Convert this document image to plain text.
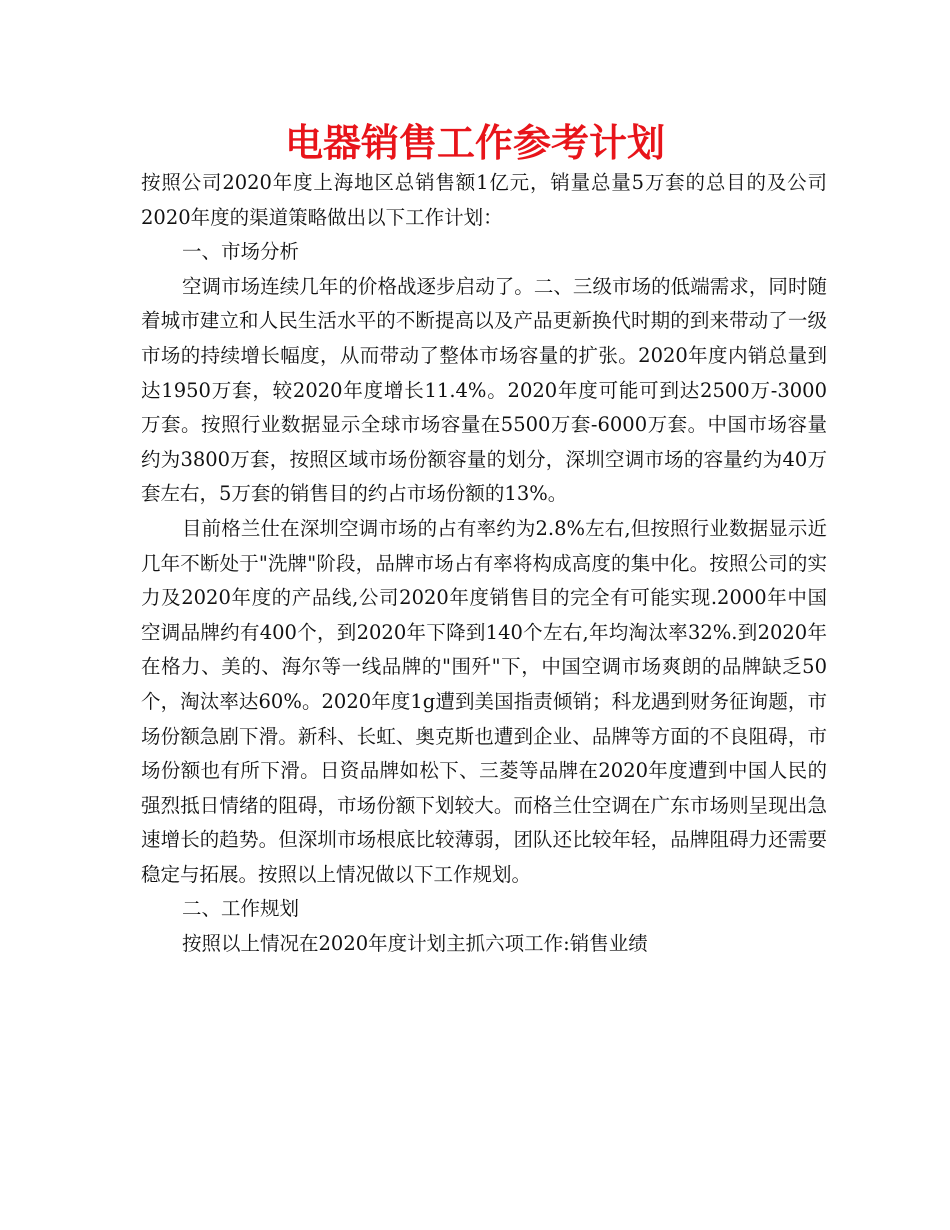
电器销售工作参考计划

按照公司2020年度上海地区总销售额1亿元，销量总量5万套的总目的及公司2020年度的渠道策略做出以下工作计划：

一、市场分析

空调市场连续几年的价格战逐步启动了。二、三级市场的低端需求，同时随着城市建立和人民生活水平的不断提高以及产品更新换代时期的到来带动了一级市场的持续增长幅度，从而带动了整体市场容量的扩张。2020年度内销总量到达1950万套，较2020年度增长11.4%。2020年度可能可到达2500万-3000万套。按照行业数据显示全球市场容量在5500万套-6000万套。中国市场容量约为3800万套，按照区域市场份额容量的划分，深圳空调市场的容量约为40万套左右，5万套的销售目的约占市场份额的13%。

目前格兰仕在深圳空调市场的占有率约为2.8%左右,但按照行业数据显示近几年不断处于"洗牌"阶段，品牌市场占有率将构成高度的集中化。按照公司的实力及2020年度的产品线,公司2020年度销售目的完全有可能实现.2000年中国空调品牌约有400个，到2020年下降到140个左右,年均淘汰率32%.到2020年在格力、美的、海尔等一线品牌的"围歼"下，中国空调市场爽朗的品牌缺乏50个，淘汰率达60%。2020年度1g遭到美国指责倾销；科龙遇到财务征询题，市场份额急剧下滑。新科、长虹、奥克斯也遭到企业、品牌等方面的不良阻碍，市场份额也有所下滑。日资品牌如松下、三菱等品牌在2020年度遭到中国人民的强烈抵日情绪的阻碍，市场份额下划较大。而格兰仕空调在广东市场则呈现出急速增长的趋势。但深圳市场根底比较薄弱，团队还比较年轻，品牌阻碍力还需要稳定与拓展。按照以上情况做以下工作规划。

二、工作规划

按照以上情况在2020年度计划主抓六项工作:销售业绩
